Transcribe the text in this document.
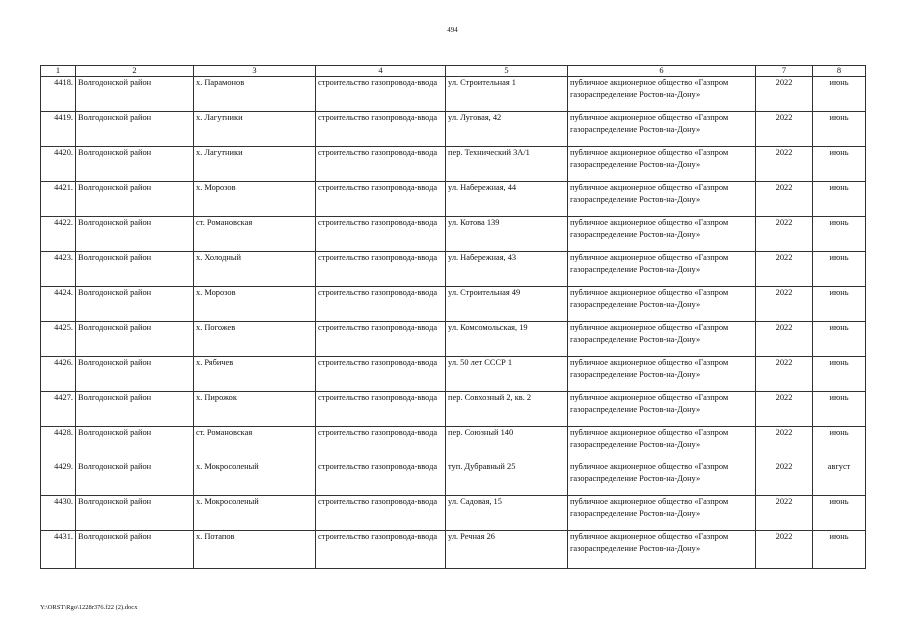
494
1	2	3	4	5	6	7	8
4418.	Волгодонской район	х. Парамонов	строительство газопровода-ввода	ул. Строительная 1	публичное акционерное общество «Газпром газораспределение Ростов-на-Дону»	2022	июнь
4419.	Волгодонской район	х. Лагутники	строительство газопровода-ввода	ул. Луговая, 42	публичное акционерное общество «Газпром газораспределение Ростов-на-Дону»	2022	июнь
4420.	Волгодонской район	х. Лагутники	строительство газопровода-ввода	пер. Технический 3А/1	публичное акционерное общество «Газпром газораспределение Ростов-на-Дону»	2022	июнь
4421.	Волгодонской район	х. Морозов	строительство газопровода-ввода	ул. Набережная, 44	публичное акционерное общество «Газпром газораспределение Ростов-на-Дону»	2022	июнь
4422.	Волгодонской район	ст. Романовская	строительство газопровода-ввода	ул. Котова 139	публичное акционерное общество «Газпром газораспределение Ростов-на-Дону»	2022	июнь
4423.	Волгодонской район	х. Холодный	строительство газопровода-ввода	ул. Набережная, 43	публичное акционерное общество «Газпром газораспределение Ростов-на-Дону»	2022	июнь
4424.	Волгодонской район	х. Морозов	строительство газопровода-ввода	ул. Строительная 49	публичное акционерное общество «Газпром газораспределение Ростов-на-Дону»	2022	июнь
4425.	Волгодонской район	х. Погожев	строительство газопровода-ввода	ул. Комсомольская, 19	публичное акционерное общество «Газпром газораспределение Ростов-на-Дону»	2022	июнь
4426.	Волгодонской район	х. Рябичев	строительство газопровода-ввода	ул. 50 лет СССР 1	публичное акционерное общество «Газпром газораспределение Ростов-на-Дону»	2022	июнь
4427.	Волгодонской район	х. Пирожок	строительство газопровода-ввода	пер. Совхозный 2, кв. 2	публичное акционерное общество «Газпром газораспределение Ростов-на-Дону»	2022	июнь
4428.	Волгодонской район	ст. Романовская	строительство газопровода-ввода	пер. Союзный 140	публичное акционерное общество «Газпром газораспределение Ростов-на-Дону»	2022	июнь
4429.	Волгодонской район	х. Мокросоленый	строительство газопровода-ввода	туп. Дубравный 25	публичное акционерное общество «Газпром газораспределение Ростов-на-Дону»	2022	август
4430.	Волгодонской район	х. Мокросоленый	строительство газопровода-ввода	ул. Садовая, 15	публичное акционерное общество «Газпром газораспределение Ростов-на-Дону»	2022	июнь
4431.	Волгодонской район	х. Потапов	строительство газопровода-ввода	ул. Речная 26	публичное акционерное общество «Газпром газораспределение Ростов-на-Дону»	2022	июнь
Y:\ORST\Rgo\1228r376.f22 (2).docx
